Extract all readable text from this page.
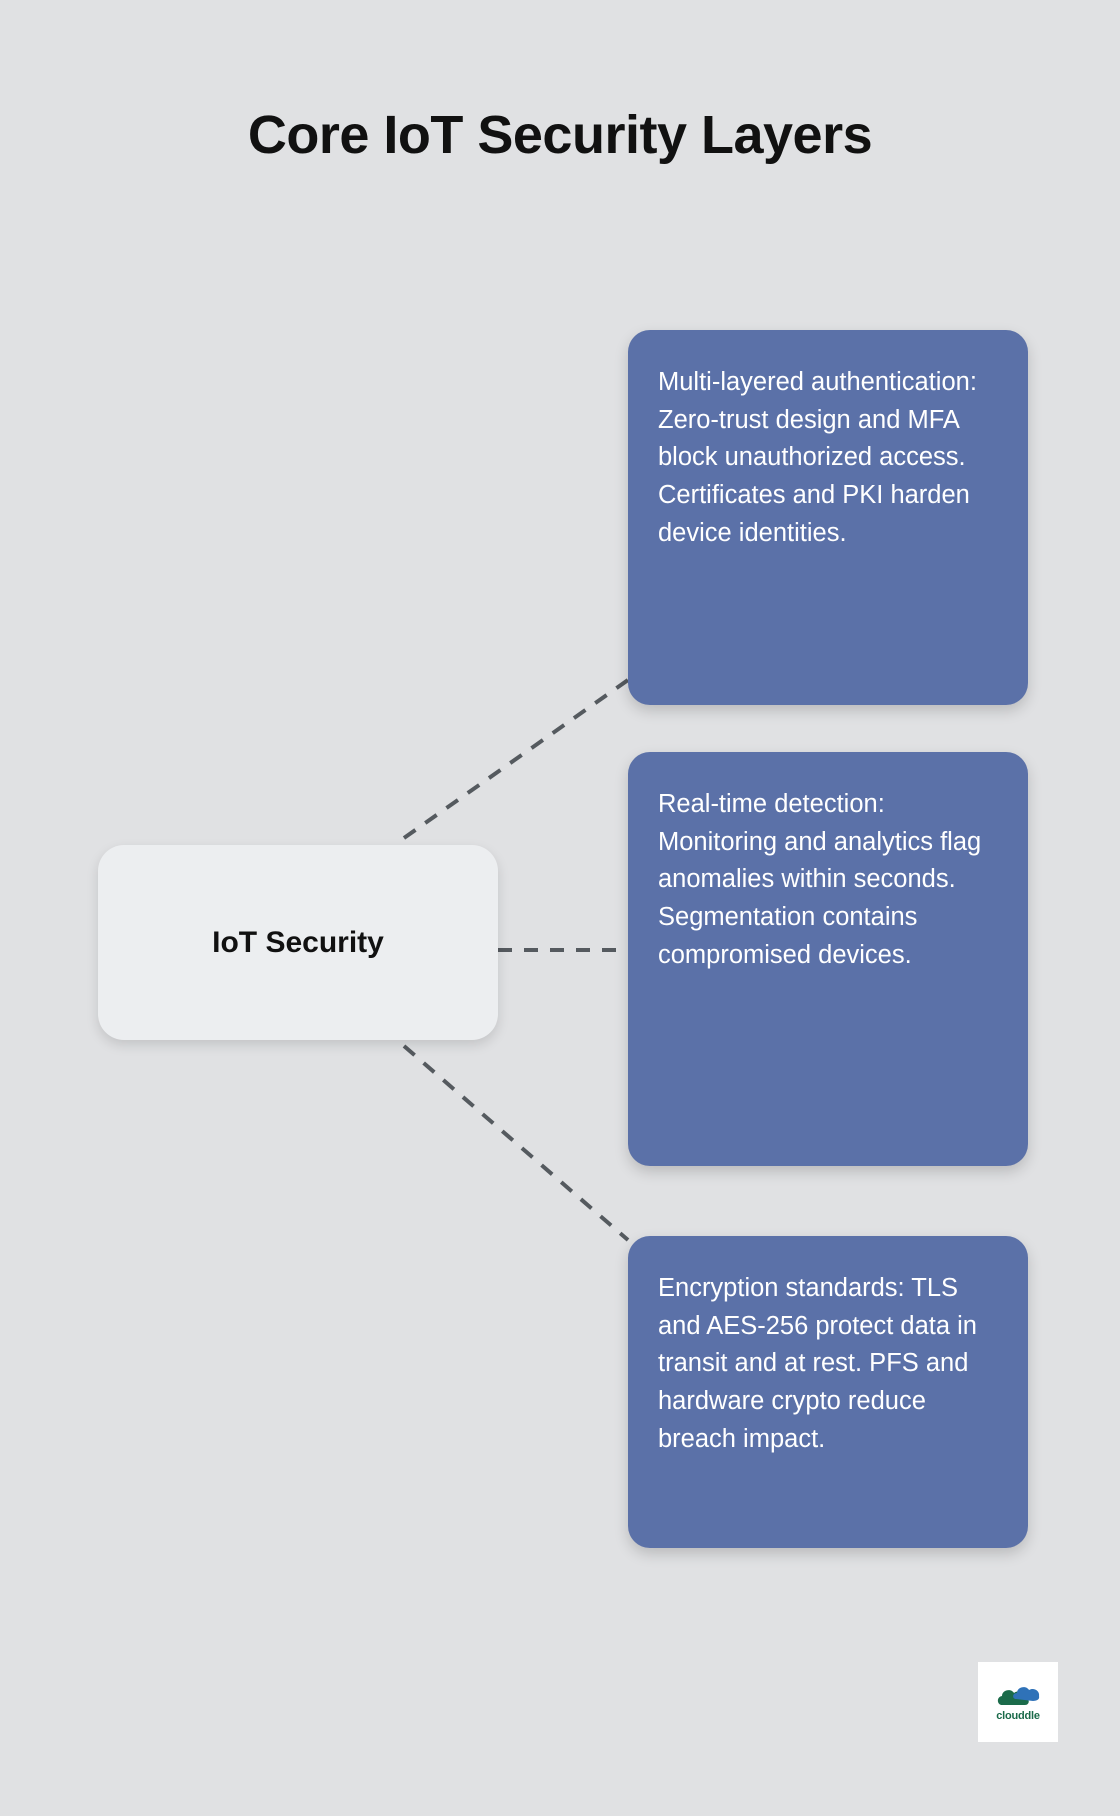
Core IoT Security Layers
IoT Security
Multi-layered authentication: Zero-trust design and MFA block unauthorized access. Certificates and PKI harden device identities.
Real-time detection: Monitoring and analytics flag anomalies within seconds. Segmentation contains compromised devices.
Encryption standards: TLS and AES-256 protect data in transit and at rest. PFS and hardware crypto reduce breach impact.
clouddle
